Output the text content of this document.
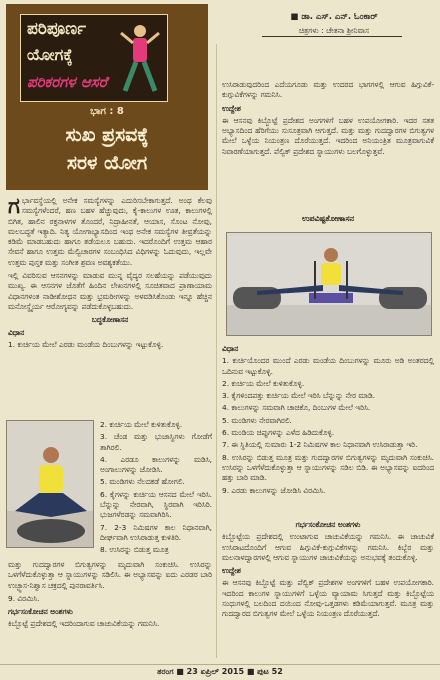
ಪರಿಪೂರ್ಣ
ಯೋಗಕ್ಕೆ
ಪರಿಕರಗಳ ಆಸರೆ
ಭಾಗ : 8
ಸುಖ ಪ್ರಸವಕ್ಕೆ
ಸರಳ ಯೋಗ
■ ಡಾ. ಎಸ್. ಎನ್. ಓಂಕಾರ್
ಚಿತ್ರಗಳು : ಚೇತನಾ ಶ್ರೀನಿವಾಸ
ಉಸಿರಾಡುವುದರಿಂದ ಎದೆಯಗೂಡು ಮತ್ತು ಉದರದ ಭಾಗಗಳಲ್ಲಿ ಆಗುವ ಹಿಗ್ಗುವಿಕೆ-ಕುಗ್ಗುವಿಕೆಗಳನ್ನು ಗಮನಿಸಿ.
ಉದ್ದೇಶ
ಈ ಆಸನವು ಕಿಬ್ಬೊಟ್ಟೆ ಪ್ರದೇಶದ ಅಂಗಗಳಿಗೆ ಬಹಳ ಉಪಯೋಗಕಾರಿ. ಇದರ ಸತತ ಅಭ್ಯಾಸದಿಂದ ಹೆರಿಗೆಯು ಸುಸೂತ್ರವಾಗಿ ಆಗುತ್ತದೆ. ಮತ್ತು ಮತ್ತು ಗುದದ್ವಾರಗಳ ಬಿಗುತ್ವಗಳ ಮೇಲೆ ಒಳ್ಳೆಯ ನಿಯಂತ್ರಣ ದೊರೆಯುತ್ತದೆ. ಇದರಿಂದ ಅನಿಯಂತ್ರಿತ ಮೂತ್ರವಾಗುವಿಕೆ ನಿವಾರಣೆಯಾಗುತ್ತದೆ. ಪೆಲ್ವಿಕ್ ಪ್ರದೇಶದ ಸ್ನಾಯುಗಳು ಬಲಗೊಳ್ಳುತ್ತವೆ.
ಉಪವಿಷ್ಟಕೋಣಾಸನ
ವಿಧಾನ
1. ಕುರ್ಚಿಯೊಂದರ ಮುಂದೆ ಎರಡು ಮಂಡೆಯ ದಿಂಬುಗಳನ್ನು ಮೂರು ಅಡಿ ಅಂತರದಲ್ಲಿ ಒದಿನುವ ಇಟ್ಟುಕೊಳ್ಳಿ.
2. ಕುರ್ಚಿಯ ಮೇಲೆ ಕುಳಿತುಕೊಳ್ಳಿ.
3. ಕೈಗಳಿಂದಪತ್ತು ಕುರ್ಚಿಯ ಮೇಲೆ ಇರಿಸಿ ಬೆನ್ನುನ್ನು ನೇರ ಮಾಡಿ.
4. ಕಾಲುಗಳನ್ನು ಸಮವಾಗಿ ಚಾಚಿಕೊ, ದಿಂಬುಗಳ ಮೇಲೆ ಇರಿಸಿ.
5. ಮಂಡಿಗಳು ನೇರವಾಗಿರಲಿ.
6. ಮಂಡಿಯ ಚಿಪ್ಪುಗಳನ್ನು ಎಳೆದ ಹಿಡಿದುಕೊಳ್ಳಿ.
7. ಈ ಸ್ಥಿತಿಯಲ್ಲಿ ಸುಮಾರು 1-2 ನಿಮಿಷಗಳ ಕಾಲ ನಿಧಾನವಾಗಿ ಉಸಿರಾಡುತ್ತಾ ಇರಿ.
8. ಉಸಿರನ್ನು ಬಿಡುತ್ತ ಮೂತ್ರ ಮತ್ತು ಗುದದ್ವಾರಗಳ ಬಿಗುತ್ವಗಳನ್ನು ಮೃದುವಾಗಿ ಸಂಕುಚಿಸಿ. ಉಸಿರನ್ನು ಒಳಗೆಳೆದುಕೊಳ್ಳುತ್ತಾ ಆ ಸ್ನಾಯುಗಳನ್ನು ಸಡಿಲ ಬಿಡಿ. ಈ ಅಭ್ಯಾಸವನ್ನು ಐದರಿಂದ ಹತ್ತು ಬಾರಿ ಮಾಡಿ.
9. ಎರಡು ಕಾಲುಗಳನ್ನು ಜೋಡಿಸಿ ವಿರಮಿಸಿ.
ಗರ್ಭಸಂಕೋಚನ ಅಂಶಗಳು
ಕಿಬ್ಬೊಟ್ಟೆಯ ಪ್ರದೇಶದಲ್ಲಿ ಉಂಟಾಗುವ ಚಾಚುವಿಕೆಯನ್ನು ಗಮನಿಸಿ. ಈ ಚಾಚುವಿಕೆ ಉಸಿರಾಟದೊಂದಿಗೆ ಆಗುವ ಹಿಗ್ಗುವಿಕೆ-ಕುಗ್ಗುವಿಕೆಗಳನ್ನು ಗಮನಿಸಿ. ಕಿಬ್ಬೆರ ಮತ್ತು ಮಲನಾಳದ್ವಾರಗಳಲ್ಲಿ ಆಗುವ ಸ್ನಾಯುಗಳ ಚಾಚುವಿಕೆಯನ್ನು ಅನುಭವಕ್ಕೆ ತಂದುಕೊಳ್ಳಿ.
ಉದ್ದೇಶ
ಈ ಆಸನವು ಕಿಬ್ಬೊಟ್ಟೆ ಮತ್ತು ಪೆಲ್ವಿಕ್ ಪ್ರದೇಶಗಳ ಅಂಗಗಳಿಗೆ ಬಹಳ ಉಪಯೋಗಕಾರಿ. ಇದರಿಂದ ಕಾಲುಗಳ ಸ್ನಾಯುಗಳಿಗೆ ಒಳ್ಳೆಯ ವ್ಯಾಯಾಮ ಸಿಗುತ್ತದೆ ಮತ್ತು ಕಿಬ್ಬೊಟ್ಟೆಯ ಸಂಧುಗಳಲ್ಲಿ ಬಲದಿಂದ ದಯಿಂದ ನೋವು-ಒತ್ತಡಗಳು ಕಡಿಮೆಯಾಗುತ್ತವೆ. ಮೂತ್ರ ಮತ್ತು ಗುದದ್ವಾರದ ಬಿಗುತ್ವಗಳ ಮೇಲೆ ಒಳ್ಳೆಯ ನಿಯಂತ್ರಣ ದೊರೆಯುತ್ತದೆ.
ಗರ್ಭಾವಸ್ಥೆಯಲ್ಲಿ ಅನೇಕ ಸಮಸ್ಯೆಗಳನ್ನು ಎದುರಿಸಬೇಕಾಗುತ್ತದೆ. ಅಂಥ ಕೆಲವು ಸಮಸ್ಯೆಗಳೆಂದರೆ, ಹಣ ಬಹಳ ಹೆಚ್ಚುವುದು, ಕೈ-ಕಾಲುಗಳ ಊತ, ಕಾಲುಗಳಲ್ಲಿ ಬಿಗಿತ, ಹಾಲಿನ ರಕ್ತನಾಳಗಳ ತೊಂದರೆ, ನಿದ್ರಾಹೀನತೆ, ಆಯಾಸ, ಸೊಂಟ ನೋವು, ಮಲಬದ್ಧತೆ ಇತ್ಯಾದಿ. ನಿತ್ಯ ಯೋಗಾಭ್ಯಾಸದಿಂದ ಇಂಥ ಅನೇಕ ಸಮಸ್ಯೆಗಳ ತೀವ್ರತೆಯನ್ನು ಕಡಿಮೆ ಮಾಡಬಹುದು ಹಾಗೂ ತಡೆಯಲೂ ಬಹುದು. ಇದರೊಂದಿಗೆ ಉತ್ತಮ ಆಹಾರ ಸೇವನೆ ಹಾಗೂ ಉತ್ತಮ ಮೆಲ್ವಿಚಾರಗಳ ಸಂಬಂಧಿಸಿದ ವಿಧಿಗಳನ್ನು ಓದುವುದು, ಇಲ್ಲವೇ ಉತ್ತಮ ಪುಸ್ತಕ ಮತ್ತು ಸಂಗೀತ ಶ್ರವಣ ಅವಶ್ಯಕತೆಯು.
ಇಲ್ಲಿ ವಿವರಿಸುವ ಆಸನಗಳನ್ನು ಮಾಡುವ ಮುನ್ನ ವೈದ್ಯರ ಸಲಹೆಯನ್ನು ಪಡೆಯುವುದು ಮುಖ್ಯ. ಈ ಆಸನಗಳ ಜೊತೆಗೆ ಹಿಂದಿನ ಲೇಖನಗಳಲ್ಲಿ ಸೂಚಿತವಾದ ಪ್ರಾಣಾಯಾಮ ವಿಧಾನಗಳಂತ ನಾಡೀಶೋಧನ ಮತ್ತು ಭ್ರಮರೀಗಳನ್ನು ಅಳವಡಿಸಿಕೊಂಡು ಇನ್ನೂ ಹೆಚ್ಚಿನ ಮನೋಸ್ಥೈರ್ಯ ಆರೋಗ್ಯವನ್ನು ಪಡೆದುಕೊಳ್ಳಬಹುದು.
ಬದ್ಧಕೋಣಾಸನ
ವಿಧಾನ
1. ಕುರ್ಚಿಯ ಮೇಲೆ ಎರಡು ಮಂಡೆಯ ದಿಂಬುಗಳನ್ನು ಇಟ್ಟುಕೊಳ್ಳಿ.
2. ಕುರ್ಚಿಯ ಮೇಲೆ ಕುಳಿತುಕೊಳ್ಳಿ.
3. ಚೆಂಡ ಮತ್ತು ಭುಜಾಸ್ಥಿಗಳು ಗೋಡೆಗೆ ತಾಗಿರಲಿ.
4. ಎರಡೂ ಕಾಲುಗಳನ್ನು ಮಡಿಸಿ, ಅಂಗಾಲುಗಳನ್ನು ಜೋಡಿಸಿ.
5. ಮಂಡಿಗಳು ನೆಲದಕಡೆ ಹೋಗಲಿ.
6. ಕೈಗಳನ್ನು ಕುರ್ಚಿಯ ಆಸನದ ಮೇಲೆ ಇರಿಸಿ. ಬೆನ್ನುನ್ನು ನೇರವಾಗಿ, ಸ್ಥಿರವಾಗಿ ಇರಿಸಿರಿ. ಭುಜಗಳೆರಡನ್ನು ಸಮವಾಗಿರಿಸಿ.
7. 2-3 ನಿಮಿಷಗಳ ಕಾಲ ನಿಧಾನವಾಗಿ, ದೀರ್ಘವಾಗಿ ಉಸಿರಾಡುತ್ತ ಕುಳಿತಿರಿ.
8. ಉಸಿರನ್ನು ಬಿಡುತ್ತ ಮೂತ್ರ
ಮತ್ತು ಗುದದ್ವಾರಗಳ ಬಿಗುತ್ವಗಳನ್ನು ಮೃದುವಾಗಿ ಸಂಕುಚಿಸಿ. ಉಸಿರನ್ನು ಒಳಗೆಳೆದುಕೊಳ್ಳುತ್ತಾ ಆ ಸ್ನಾಯುಗಳನ್ನು ಸಡಿಲಿಸಿ. ಈ ಅಭ್ಯಾಸವನ್ನು ಐದು ಎರಡರ ಬಾರಿ ಉಚ್ಛ್ವಾಸ-ನಿಶ್ವಾಸ ಚಕ್ರದಲ್ಲಿ ಪುನರಾವರ್ತಿಸಿ.
9. ವಿರಮಿಸಿ.
ಗರ್ಭಸಂಕೋಚನ ಅಂಶಗಳು
ಕಿಬ್ಬೊಟ್ಟೆ ಪ್ರದೇಶದಲ್ಲಿ ಇದರಿಂದಾಗುವ ಚಾಚುವಿಕೆಯನ್ನು ಗಮನಿಸಿ.
ತರಂಗ ■ 23 ಏಪ್ರಿಲ್ 2015 ■ ಪುಟ 52
